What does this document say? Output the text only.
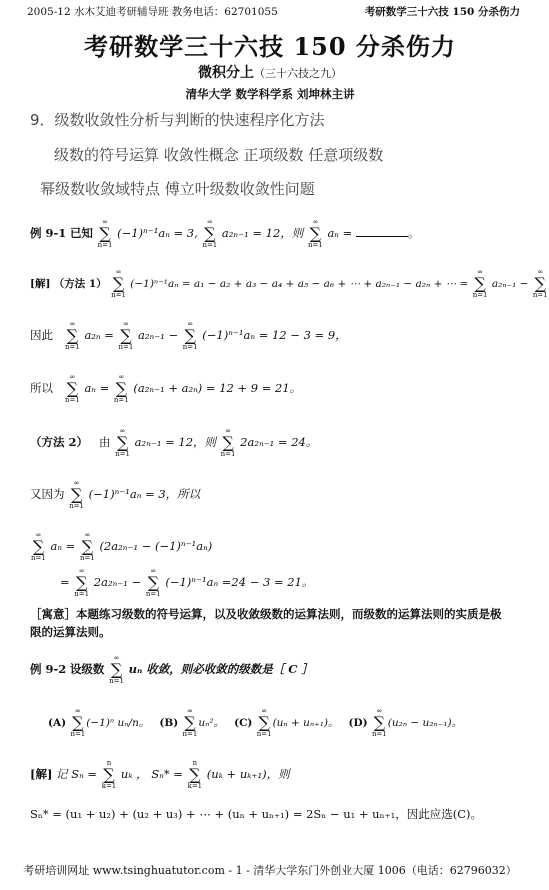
2005-12 水木艾迪考研辅导班 教务电话：62701055	考研数学三十六技 150 分杀伤力
考研数学三十六技 150 分杀伤力
微积分上（三十六技之九）
清华大学 数学科学系 刘坤林主讲
9．级数收敛性分析与判断的快速程序化方法
级数的符号运算 收敛性概念 正项级数 任意项级数
幂级数收敛域特点 傅立叶级数收敛性问题
例 9-1 已知
∞
∑
n=1
(−1)ⁿ⁻¹aₙ = 3,
∞
∑
n=1
a₂ₙ₋₁ = 12，则
∞
∑
n=1
aₙ =	。
[解] （方法 1）
∞
∑
n=1
(−1)ⁿ⁻¹aₙ = a₁ − a₂ + a₃ − a₄ + a₅ − a₆ + ⋯ + a₂ₙ₋₁ − a₂ₙ + ⋯ =
∞
∑
n=1
a₂ₙ₋₁ −
∞
∑
n=1
因此
∞
∑
n=1
a₂ₙ =
∞
∑
n=1
a₂ₙ₋₁ −
∞
∑
n=1
(−1)ⁿ⁻¹aₙ = 12 − 3 = 9，
所以
∞
∑
n=1
aₙ =
∞
∑
n=1
(a₂ₙ₋₁ + a₂ₙ) = 12 + 9 = 21。
（方法 2） 由
∞
∑
n=1
a₂ₙ₋₁ = 12，则
∞
∑
n=1
2a₂ₙ₋₁ = 24。
又因为
∞
∑
n=1
(−1)ⁿ⁻¹aₙ = 3，所以
∞
∑
n=1
aₙ =
∞
∑
n=1
(2a₂ₙ₋₁ − (−1)ⁿ⁻¹aₙ)
=
∞
∑
n=1
2a₂ₙ₋₁ −
∞
∑
n=1
(−1)ⁿ⁻¹aₙ =24 − 3 = 21。
［寓意］本题练习级数的符号运算，以及收敛级数的运算法则，而级数的运算法则的实质是极限的运算法则。
例 9-2 设级数
∞
∑
n=1
uₙ 收敛，则必收敛的级数是［ C ］
(A)
∞
∑
n=1
(−1)ⁿ uₙ/n。 (B)
∞
∑
n=1
uₙ²。 (C)
∞
∑
n=1
(uₙ + uₙ₊₁)。 (D)
∞
∑
n=1
(u₂ₙ − u₂ₙ₋₁)。
[解] 记 Sₙ =
n
∑
k=1
uₖ ， Sₙ* =
n
∑
k=1
(uₖ + uₖ₊₁)，则
Sₙ* = (u₁ + u₂) + (u₂ + u₃) + ⋯ + (uₙ + uₙ₊₁) = 2Sₙ − u₁ + uₙ₊₁，因此应选(C)。
考研培训网址 www.tsinghuatutor.com - 1 - 清华大学东门外创业大厦 1006（电话：62796032）
